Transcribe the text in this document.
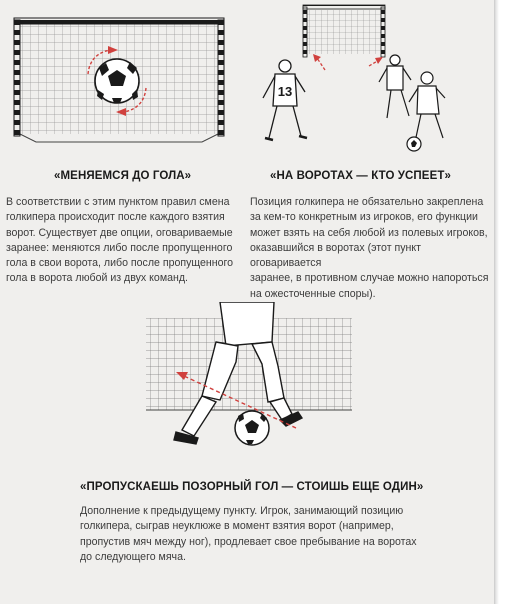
13
«МЕНЯЕМСЯ ДО ГОЛА»

В соответствии с этим пунктом правил смена
голкипера происходит после каждого взятия
ворот. Существует две опции, оговариваемые
заранее: меняются либо после пропущенного
гола в свои ворота, либо после пропущенного
гола в ворота любой из двух команд.

«НА ВОРОТАХ — КТО УСПЕЕТ»

Позиция голкипера не обязательно закреплена
за кем-то конкретным из игроков, его функции
может взять на себя любой из полевых игроков,
оказавшийся в воротах (этот пункт оговаривается
заранее, в противном случае можно напороться
на ожесточенные споры).

«ПРОПУСКАЕШЬ ПОЗОРНЫЙ ГОЛ — СТОИШЬ ЕЩЕ ОДИН»

Дополнение к предыдущему пункту. Игрок, занимающий позицию
голкипера, сыграв неуклюже в момент взятия ворот (например,
пропустив мяч между ног), продлевает свое пребывание на воротах
до следующего мяча.
